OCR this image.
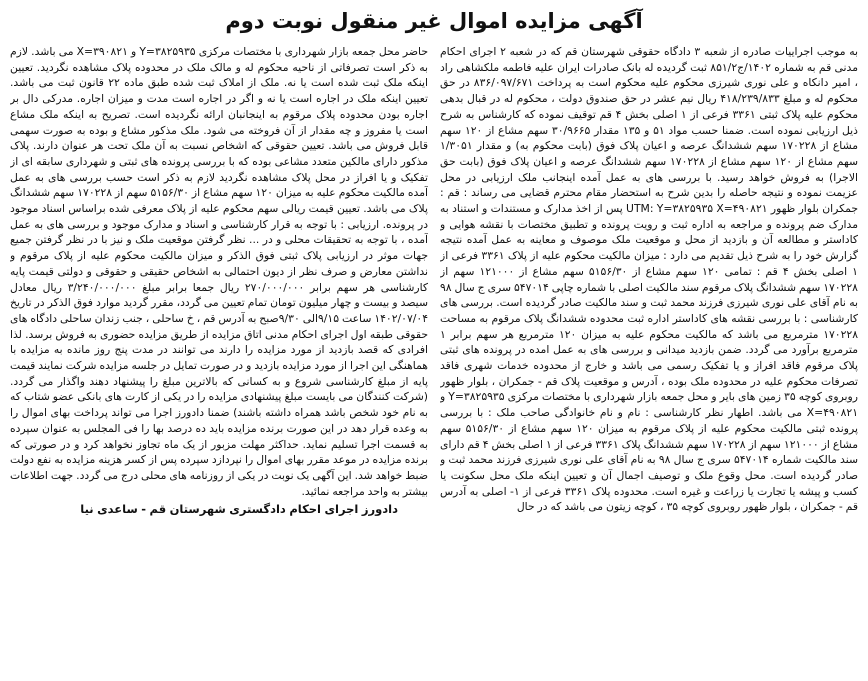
آگهی مزایده اموال غیر منقول نوبت دوم

به موجب اجراییات صادره از شعبه ۳ دادگاه حقوقی شهرستان قم که در شعبه ۲ اجرای احکام مدنی قم به شماره ۱۴۰۲/ج۸۵۱/۲ ثبت گردیده له بانک صادرات ایران علیه فاطمه ملکشاهی راد ، امیر دانکاه و علی نوری شیرزی محکوم علیه محکوم است به پرداخت ۸۳۶/۰۹۷/۶۷۱ در حق محکوم له و مبلغ ۴۱۸/۲۳۹/۸۳۳ ریال نیم عشر در حق صندوق دولت ، محکوم له در قبال بدهی محکوم علیه پلاک ثبتی ۳۳۶۱ فرعی از ۱ اصلی بخش ۴ قم توقیف نموده که کارشناس به شرح ذیل ارزیابی نموده است. ضمنا حسب مواد ۵۱ و ۱۳۵ مقدار ۳۰/۹۶۶۵ سهم مشاع از ۱۲۰ سهم مشاع از ۱۷۰۲۲۸ سهم ششدانگ عرصه و اعیان پلاک فوق (بابت محکوم به) و مقدار ۱/۳۰۵۱ سهم مشاع از ۱۲۰ سهم مشاع از ۱۷۰۲۲۸ سهم ششدانگ عرصه و اعیان پلاک فوق (بابت حق الاجرا) به فروش خواهد رسید. با بررسی های به عمل آمده اینجانب ملک ارزیابی در محل عزیمت نموده و نتیجه حاصله را بدین شرح به استحضار مقام محترم قضایی می رساند : قم : جمکران بلوار ظهور UTM: Y=۳۸۲۵۹۳۵ X=۴۹۰۸۲۱ پس از اخذ مدارک و مستندات و استناد به مدارک ضم پرونده و مراجعه به اداره ثبت و رویت پرونده و تطبیق مختصات با نقشه هوایی و کاداستر و مطالعه آن و بازدید از محل و موقعیت ملک موصوف و معاینه به عمل آمده نتیجه گزارش خود را به شرح ذیل تقدیم می دارد : میزان مالکیت محکوم علیه از پلاک ۳۳۶۱ فرعی از ۱ اصلی بخش ۴ قم : تمامی ۱۲۰ سهم مشاع از ۵۱۵۶/۳۰ سهم مشاع از ۱۲۱۰۰۰ سهم از ۱۷۰۲۲۸ سهم ششدانگ پلاک مرقوم سند مالکیت اصلی با شماره چاپی ۵۴۷۰۱۴ سری ج سال ۹۸ به نام آقای علی نوری شیرزی فرزند محمد ثبت و سند مالکیت صادر گردیده است. بررسی های کارشناسی : با بررسی نقشه های کاداستر اداره ثبت محدوده ششدانگ پلاک مرقوم به مساحت ۱۷۰۲۲۸ مترمربع می باشد که مالکیت محکوم علیه به میزان ۱۲۰ مترمربع هر سهم برابر ۱ مترمربع برآورد می گردد. ضمن بازدید میدانی و بررسی های به عمل امده در پرونده های ثبتی پلاک مرقوم فاقد افراز و یا تفکیک رسمی می باشد و خارج از محدوده خدمات شهری فاقد تصرفات محکوم علیه در محدوده ملک بوده ، آدرس و موقعیت پلاک قم - جمکران ، بلوار ظهور روبروی کوچه ۳۵ زمین های بایر و محل جمعه بازار شهرداری با مختصات مرکزی Y=۳۸۲۵۹۳۵ و X=۴۹۰۸۲۱ می باشد. اطهار نظر کارشناسی : نام و نام خانوادگی صاحب ملک : با بررسی پرونده ثبتی مالکیت محکوم علیه از پلاک مرقوم به میزان ۱۲۰ سهم مشاع از ۵۱۵۶/۳۰ سهم مشاع از ۱۲۱۰۰۰ سهم از ۱۷۰۲۲۸ سهم ششدانگ پلاک ۳۳۶۱ فرعی از ۱ اصلی بخش ۴ قم دارای سند مالکیت شماره ۵۴۷۰۱۴ سری ج سال ۹۸ به نام آقای علی نوری شیرزی فرزند محمد ثبت و صادر گردیده است. محل وقوع ملک و توصیف اجمال آن و تعیین اینکه ملک محل سکونت یا کسب و پیشه یا تجارت یا زراعت و غیره است. محدوده پلاک ۳۳۶۱ فرعی از ۱- اصلی به آدرس قم - جمکران ، بلوار ظهور روبروی کوچه ۳۵ ، کوچه زیتون می باشد که در حال

حاضر محل جمعه بازار شهرداری با مختصات مرکزی Y=۳۸۲۵۹۳۵ و X=۳۹۰۸۲۱ می باشد. لازم به ذکر است تصرفاتی از ناحیه محکوم له و مالک ملک در محدوده پلاک مشاهده نگردید. تعیین اینکه ملک ثبت شده است یا نه. ملک از املاک ثبت شده طبق ماده ۲۲ قانون ثبت می باشد. تعیین اینکه ملک در اجاره است یا نه و اگر در اجاره است مدت و میزان اجاره. مدرکی دال بر اجاره بودن محدوده پلاک مرقوم به اینجانبان ارائه نگردیده است. تصریح به اینکه ملک مشاع است یا مفروز و چه مقدار از آن فروخته می شود. ملک مذکور مشاع و بوده به صورت سهمی قابل فروش می باشد. تعیین حقوقی که اشخاص نسبت به آن ملک تحت هر عنوان دارند. پلاک مذکور دارای مالکین متعدد مشاعی بوده که با بررسی پرونده های ثبتی و شهرداری سابقه ای از تفکیک و یا افراز در محل پلاک مشاهده نگردید لازم به ذکر است حسب بررسی های به عمل آمده مالکیت محکوم علیه به میزان ۱۲۰ سهم مشاع از ۵۱۵۶/۳۰ سهم از ۱۷۰۲۲۸ سهم ششدانگ پلاک می باشد. تعیین قیمت ریالی سهم محکوم علیه از پلاک معرفی شده براساس اسناد موجود در پرونده. ارزیابی : با توجه به قرار کارشناسی و اسناد و مدارک موجود و بررسی های به عمل آمده ، با توجه به تحقیقات محلی و در ... نظر گرفتن موقعیت ملک و نیز با در نظر گرفتن جمیع جهات موثر در ارزیابی پلاک ثبتی فوق الذکر و میزان مالکیت محکوم علیه از پلاک مرقوم و نداشتن معارض و صرف نظر از دیون احتمالی به اشخاص حقیقی و حقوقی و دولتی قیمت پایه کارشناسی هر سهم برابر ۲۷۰/۰۰۰/۰۰۰ ریال جمعا برابر مبلغ ۳/۲۴۰/۰۰۰/۰۰۰ ریال معادل سیصد و بیست و چهار میلیون تومان تمام تعیین می گردد، مقرر گردید موارد فوق الذکر در تاریخ ۱۴۰۲/۰۷/۰۴ ساعت ۹/۱۵الی ۹/۳۰صبح به آدرس قم ، خ ساحلی ، جنب زندان ساحلی دادگاه های حقوقی طبقه اول اجرای احکام مدنی اتاق مزایده از طریق مزایده حضوری به فروش برسد. لذا افرادی که قصد بازدید از مورد مزایده را دارند می توانند در مدت پنج روز مانده به مزایده با هماهنگی این اجرا از مورد مزایده بازدید و در صورت تمایل در جلسه مزایده شرکت نمایند قیمت پایه از مبلغ کارشناسی شروع و به کسانی که بالاترین مبلغ را پیشنهاد دهند واگذار می گردد. (شرکت کنندگان می بایست مبلغ پیشنهادی مزایده را در یکی از کارت های بانکی عضو شتاب که به نام خود شخص باشد همراه داشته باشند) ضمنا دادورز اجرا می تواند پرداخت بهای اموال را به وعده قرار دهد در این صورت برنده مزایده باید ده درصد بها را فی المجلس به عنوان سپرده به قسمت اجرا تسلیم نماید. حداکثر مهلت مزبور از یک ماه تجاوز نخواهد کرد و در صورتی که برنده مزایده در موعد مقرر بهای اموال را نپردازد سپرده پس از کسر هزینه مزایده به نفع دولت ضبط خواهد شد. این آگهی یک نوبت در یکی از روزنامه های محلی درج می گردد. جهت اطلاعات بیشتر به واحد مراجعه نمائید.

دادورز اجرای احکام دادگستری شهرستان قم - ساعدی نیا
